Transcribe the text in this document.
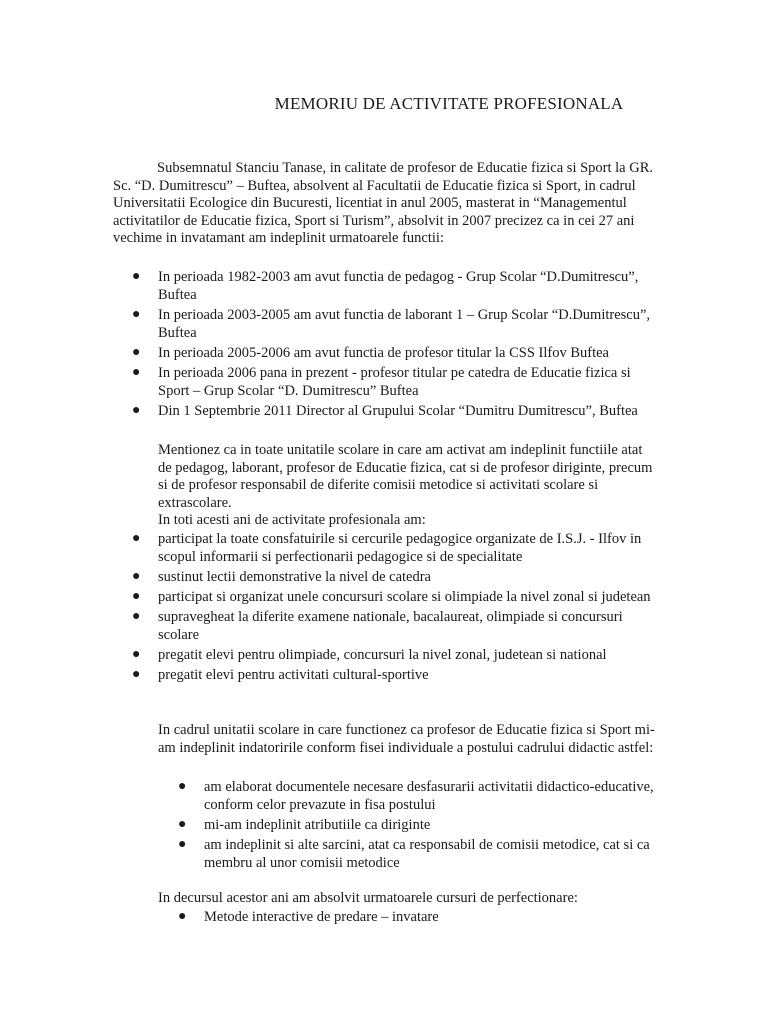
MEMORIU DE ACTIVITATE PROFESIONALA

Subsemnatul Stanciu Tanase, in calitate de profesor de Educatie fizica si Sport la GR. Sc. “D. Dumitrescu” – Buftea, absolvent al Facultatii de Educatie fizica si Sport, in cadrul Universitatii Ecologice din Bucuresti, licentiat in anul 2005, masterat in “Managementul activitatilor de Educatie fizica, Sport si Turism”, absolvit in 2007 precizez ca in cei 27 ani vechime in invatamant am indeplinit urmatoarele functii:

● In perioada 1982-2003 am avut functia de pedagog - Grup Scolar “D.Dumitrescu”, Buftea
● In perioada 2003-2005 am avut functia de laborant 1 – Grup Scolar “D.Dumitrescu”, Buftea
● In perioada 2005-2006 am avut functia de profesor titular la CSS Ilfov Buftea
● In perioada 2006 pana in prezent - profesor titular pe catedra de Educatie fizica si Sport – Grup Scolar “D. Dumitrescu” Buftea
● Din 1 Septembrie 2011 Director al Grupului Scolar “Dumitru Dumitrescu”, Buftea

Mentionez ca in toate unitatile scolare in care am activat am indeplinit functiile atat de pedagog, laborant, profesor de Educatie fizica, cat si de profesor diriginte, precum si de profesor responsabil de diferite comisii metodice si activitati scolare si extrascolare.

In toti acesti ani de activitate profesionala am:

● participat la toate consfatuirile si cercurile pedagogice organizate de I.S.J. - Ilfov in scopul informarii si perfectionarii pedagogice si de specialitate
● sustinut lectii demonstrative la nivel de catedra
● participat si organizat unele concursuri scolare si olimpiade la nivel zonal si judetean
● supravegheat la diferite examene nationale, bacalaureat, olimpiade si concursuri scolare
● pregatit elevi pentru olimpiade, concursuri la nivel zonal, judetean si national
● pregatit elevi pentru activitati cultural-sportive

In cadrul unitatii scolare in care functionez ca profesor de Educatie fizica si Sport mi-am indeplinit indatoririle conform fisei individuale a postului cadrului didactic astfel:

● am elaborat documentele necesare desfasurarii activitatii didactico-educative, conform celor prevazute in fisa postului
● mi-am indeplinit atributiile ca diriginte
● am indeplinit si alte sarcini, atat ca responsabil de comisii metodice, cat si ca membru al unor comisii metodice

In decursul acestor ani am absolvit urmatoarele cursuri de perfectionare:

● Metode interactive de predare – invatare
